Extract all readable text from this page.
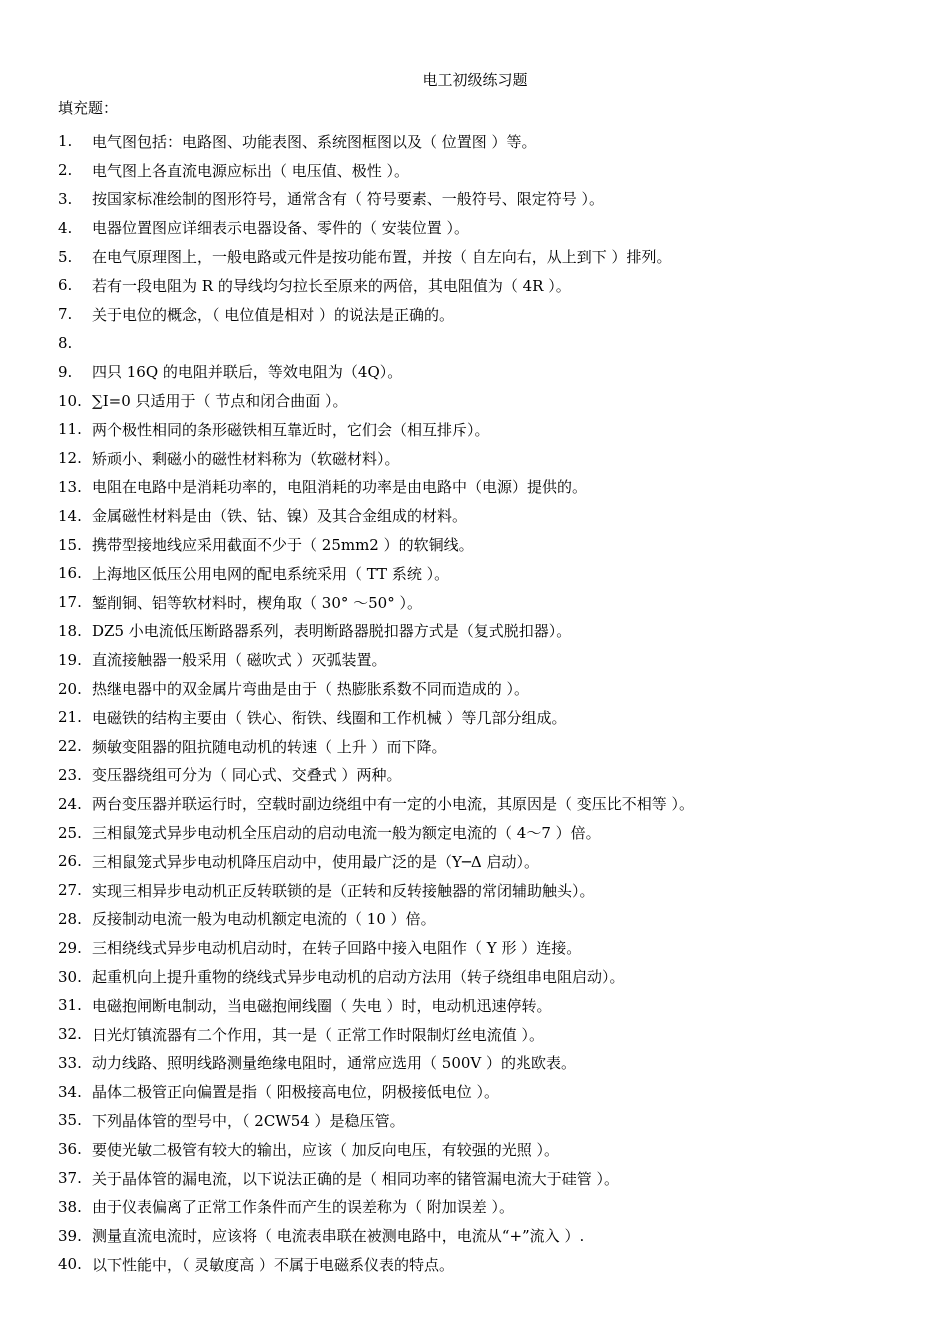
电工初级练习题
填充题：
1.	电气图包括：电路图、功能表图、系统图框图以及（ 位置图 ）等。
2.	电气图上各直流电源应标出（ 电压值、极性 ）。
3.	按国家标准绘制的图形符号，通常含有（ 符号要素、一般符号、限定符号 ）。
4.	电器位置图应详细表示电器设备、零件的（ 安装位置 ）。
5.	在电气原理图上，一般电路或元件是按功能布置，并按（ 自左向右，从上到下 ）排列。
6.	若有一段电阻为 R 的导线均匀拉长至原来的两倍，其电阻值为（ 4R ）。
7.	关于电位的概念，（ 电位值是相对 ）的说法是正确的。
8.
9.	四只 16Q 的电阻并联后，等效电阻为（4Q）。
10. ∑I=0 只适用于（ 节点和闭合曲面 ）。
11. 两个极性相同的条形磁铁相互靠近时，它们会（相互排斥）。
12. 矫顽小、剩磁小的磁性材料称为（软磁材料）。
13. 电阻在电路中是消耗功率的，电阻消耗的功率是由电路中（电源）提供的。
14. 金属磁性材料是由（铁、钴、镍）及其合金组成的材料。
15. 携带型接地线应采用截面不少于（ 25mm2 ）的软铜线。
16. 上海地区低压公用电网的配电系统采用（ TT 系统 ）。
17. 錾削铜、铝等软材料时，楔角取（ 30° ～50° ）。
18. DZ5 小电流低压断路器系列，表明断路器脱扣器方式是（复式脱扣器）。
19. 直流接触器一般采用（ 磁吹式 ）灭弧装置。
20. 热继电器中的双金属片弯曲是由于（ 热膨胀系数不同而造成的 ）。
21. 电磁铁的结构主要由（ 铁心、衔铁、线圈和工作机械 ）等几部分组成。
22. 频敏变阻器的阻抗随电动机的转速（ 上升 ）而下降。
23. 变压器绕组可分为（ 同心式、交叠式 ）两种。
24. 两台变压器并联运行时，空载时副边绕组中有一定的小电流，其原因是（ 变压比不相等 ）。
25. 三相鼠笼式异步电动机全压启动的启动电流一般为额定电流的（ 4～7 ）倍。
26. 三相鼠笼式异步电动机降压启动中，使用最广泛的是（Y─Δ 启动）。
27. 实现三相异步电动机正反转联锁的是（正转和反转接触器的常闭辅助触头）。
28. 反接制动电流一般为电动机额定电流的（ 10 ）倍。
29. 三相绕线式异步电动机启动时，在转子回路中接入电阻作（ Y 形 ）连接。
30. 起重机向上提升重物的绕线式异步电动机的启动方法用（转子绕组串电阻启动）。
31. 电磁抱闸断电制动，当电磁抱闸线圈（ 失电 ）时，电动机迅速停转。
32. 日光灯镇流器有二个作用，其一是（ 正常工作时限制灯丝电流值 ）。
33. 动力线路、照明线路测量绝缘电阻时，通常应选用（ 500V ）的兆欧表。
34. 晶体二极管正向偏置是指（ 阳极接高电位，阴极接低电位 ）。
35. 下列晶体管的型号中，（ 2CW54 ）是稳压管。
36. 要使光敏二极管有较大的输出，应该（ 加反向电压，有较强的光照 ）。
37. 关于晶体管的漏电流，以下说法正确的是（ 相同功率的锗管漏电流大于硅管 ）。
38. 由于仪表偏离了正常工作条件而产生的误差称为（ 附加误差 ）。
39. 测量直流电流时，应该将（ 电流表串联在被测电路中，电流从“+”流入 ）.
40. 以下性能中，（ 灵敏度高 ）不属于电磁系仪表的特点。
